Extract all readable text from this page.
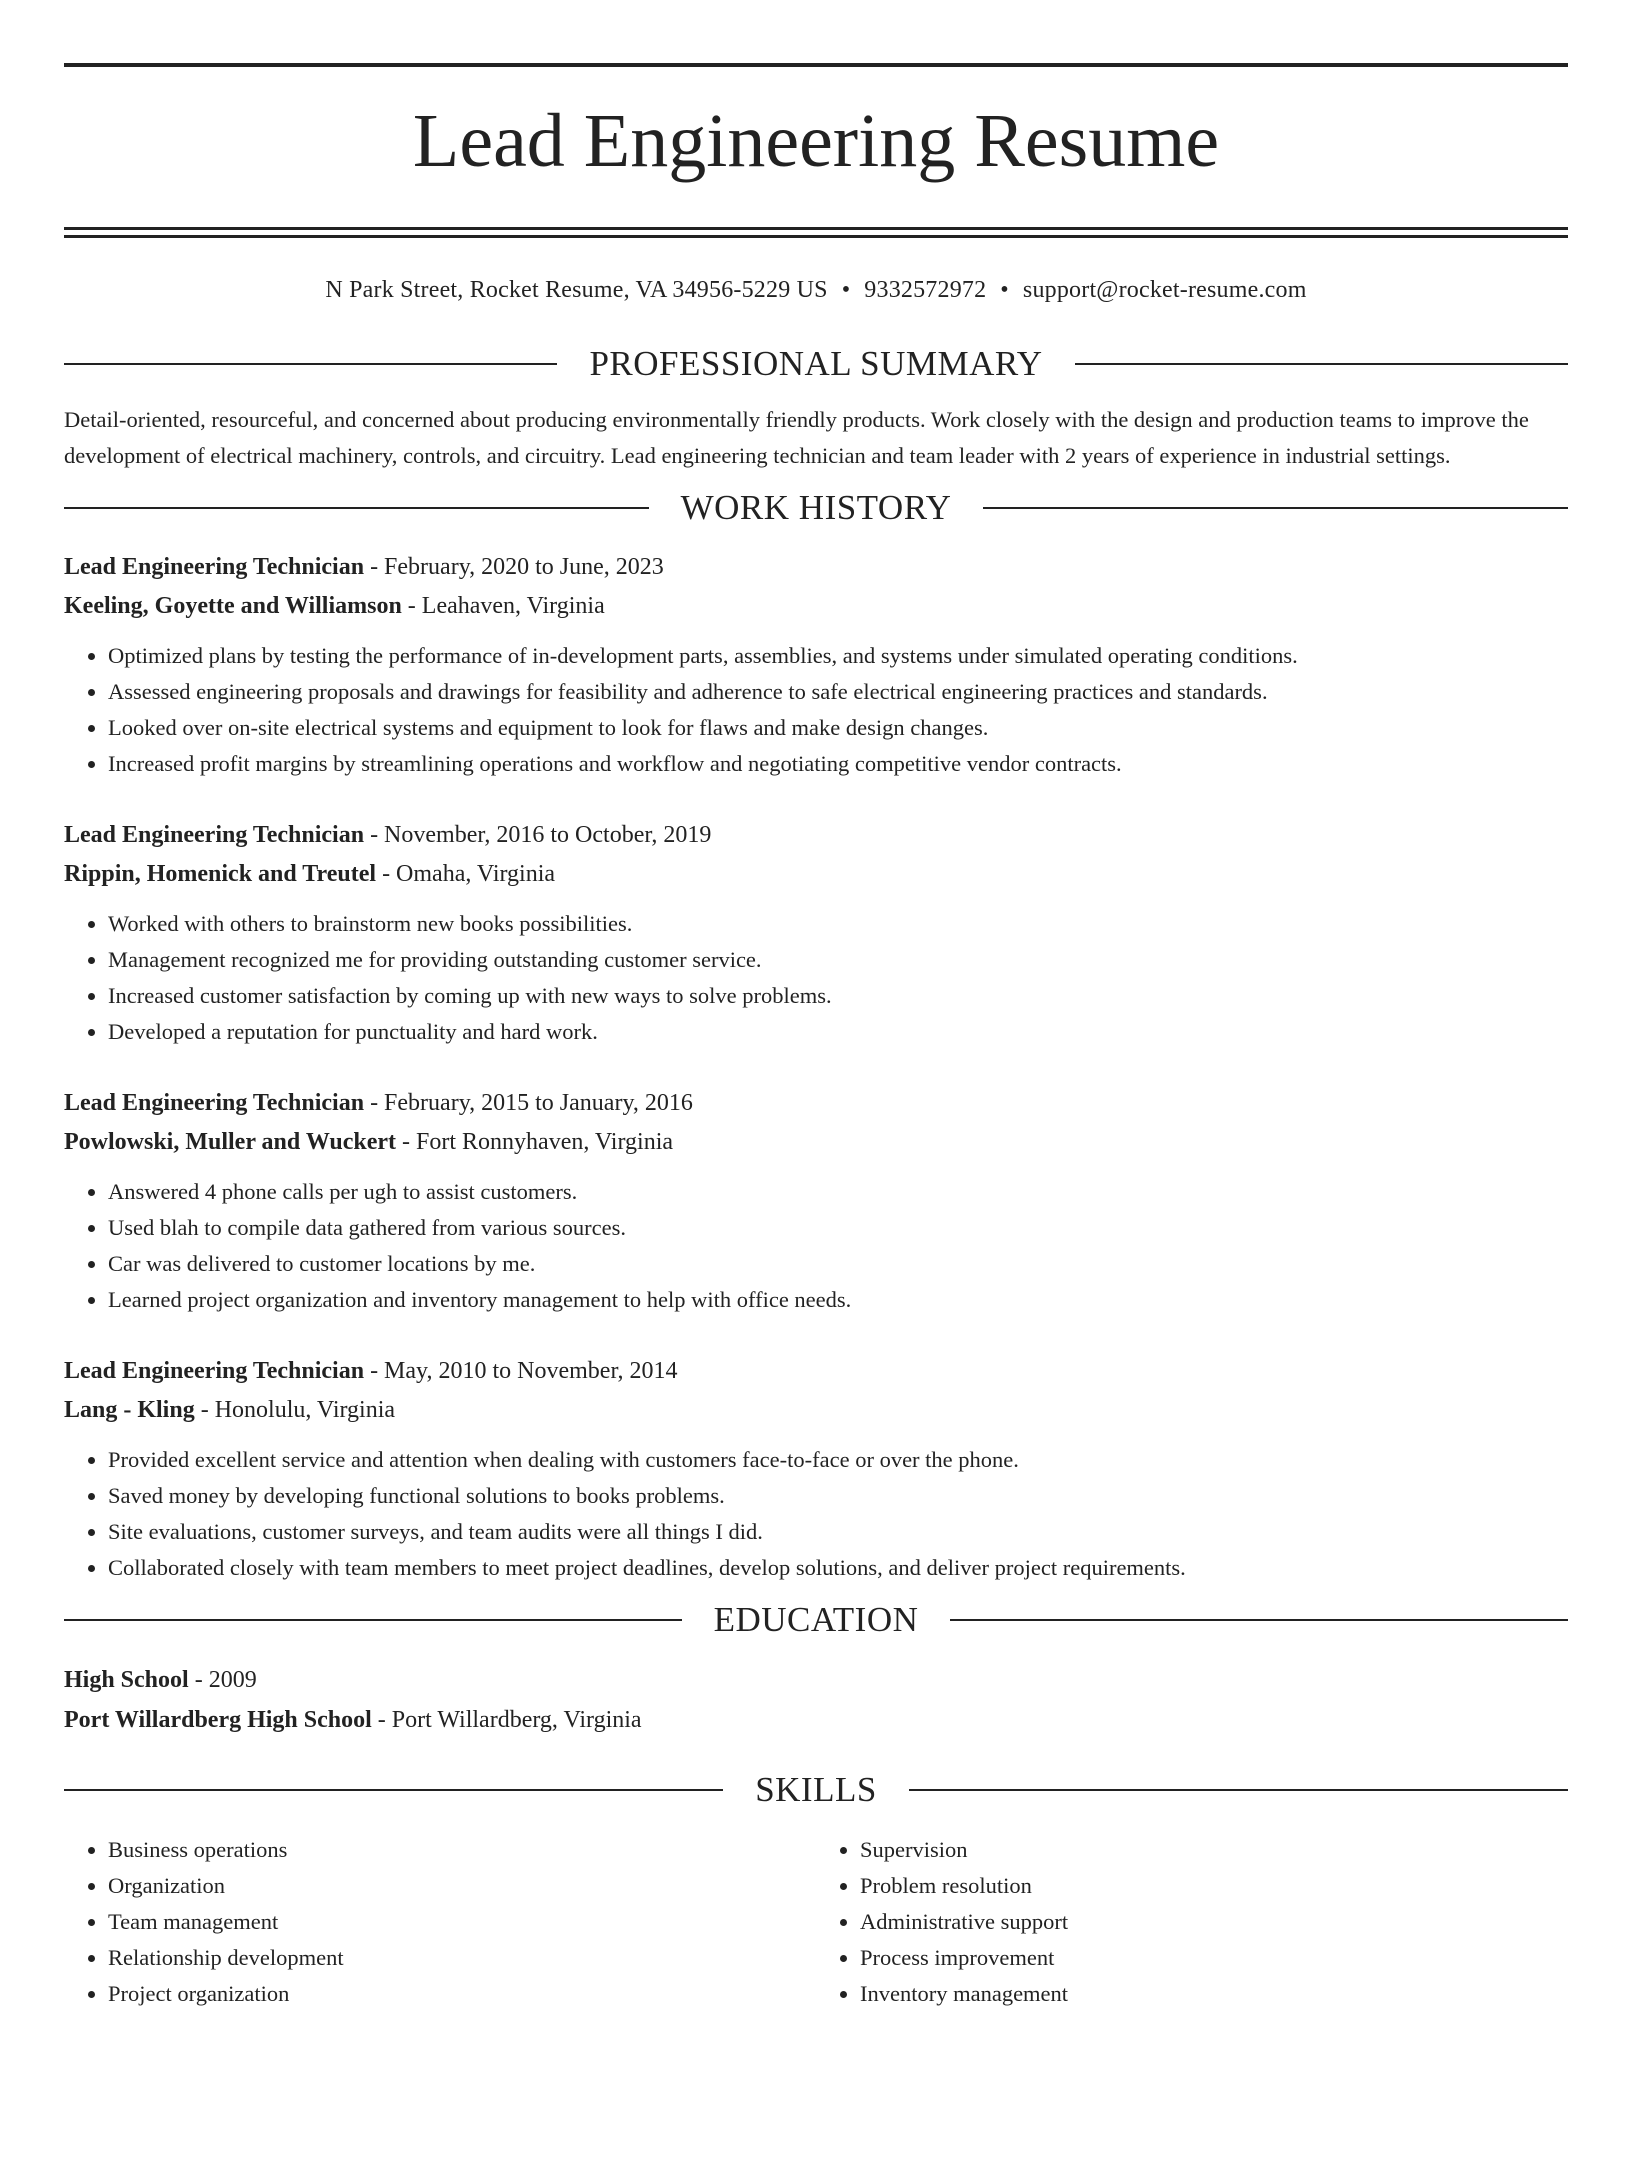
Lead Engineering Resume
N Park Street, Rocket Resume, VA 34956-5229 US • 9332572972 • support@rocket-resume.com
PROFESSIONAL SUMMARY
Detail-oriented, resourceful, and concerned about producing environmentally friendly products. Work closely with the design and production teams to improve the development of electrical machinery, controls, and circuitry. Lead engineering technician and team leader with 2 years of experience in industrial settings.
WORK HISTORY
Lead Engineering Technician - February, 2020 to June, 2023
Keeling, Goyette and Williamson - Leahaven, Virginia
• Optimized plans by testing the performance of in-development parts, assemblies, and systems under simulated operating conditions.
• Assessed engineering proposals and drawings for feasibility and adherence to safe electrical engineering practices and standards.
• Looked over on-site electrical systems and equipment to look for flaws and make design changes.
• Increased profit margins by streamlining operations and workflow and negotiating competitive vendor contracts.
Lead Engineering Technician - November, 2016 to October, 2019
Rippin, Homenick and Treutel - Omaha, Virginia
• Worked with others to brainstorm new books possibilities.
• Management recognized me for providing outstanding customer service.
• Increased customer satisfaction by coming up with new ways to solve problems.
• Developed a reputation for punctuality and hard work.
Lead Engineering Technician - February, 2015 to January, 2016
Powlowski, Muller and Wuckert - Fort Ronnyhaven, Virginia
• Answered 4 phone calls per ugh to assist customers.
• Used blah to compile data gathered from various sources.
• Car was delivered to customer locations by me.
• Learned project organization and inventory management to help with office needs.
Lead Engineering Technician - May, 2010 to November, 2014
Lang - Kling - Honolulu, Virginia
• Provided excellent service and attention when dealing with customers face-to-face or over the phone.
• Saved money by developing functional solutions to books problems.
• Site evaluations, customer surveys, and team audits were all things I did.
• Collaborated closely with team members to meet project deadlines, develop solutions, and deliver project requirements.
EDUCATION
High School - 2009
Port Willardberg High School - Port Willardberg, Virginia
SKILLS
• Business operations
• Organization
• Team management
• Relationship development
• Project organization
• Supervision
• Problem resolution
• Administrative support
• Process improvement
• Inventory management
